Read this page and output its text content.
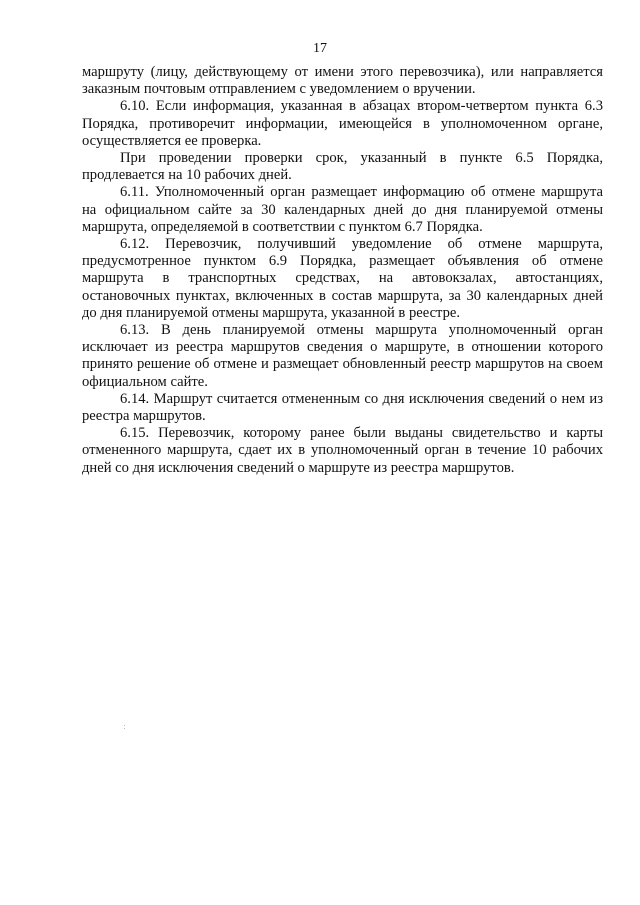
17

маршруту (лицу, действующему от имени этого перевозчика), или направляется заказным почтовым отправлением с уведомлением о вручении.

6.10. Если информация, указанная в абзацах втором-четвертом пункта 6.3 Порядка, противоречит информации, имеющейся в уполномоченном органе, осуществляется ее проверка.

При проведении проверки срок, указанный в пункте 6.5 Порядка, продлевается на 10 рабочих дней.

6.11. Уполномоченный орган размещает информацию об отмене маршрута на официальном сайте за 30 календарных дней до дня планируемой отмены маршрута, определяемой в соответствии с пунктом 6.7 Порядка.

6.12. Перевозчик, получивший уведомление об отмене маршрута, предусмотренное пунктом 6.9 Порядка, размещает объявления об отмене маршрута в транспортных средствах, на автовокзалах, автостанциях, остановочных пунктах, включенных в состав маршрута, за 30 календарных дней до дня планируемой отмены маршрута, указанной в реестре.

6.13. В день планируемой отмены маршрута уполномоченный орган исключает из реестра маршрутов сведения о маршруте, в отношении которого принято решение об отмене и размещает обновленный реестр маршрутов на своем официальном сайте.

6.14. Маршрут считается отмененным со дня исключения сведений о нем из реестра маршрутов.

6.15. Перевозчик, которому ранее были выданы свидетельство и карты отмененного маршрута, сдает их в уполномоченный орган в течение 10 рабочих дней со дня исключения сведений о маршруте из реестра маршрутов.
